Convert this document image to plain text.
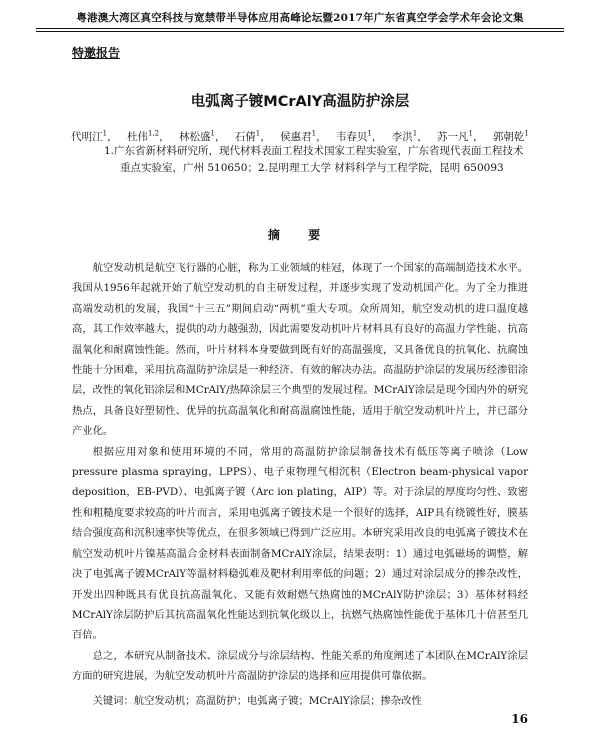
粤港澳大湾区真空科技与宽禁带半导体应用高峰论坛暨2017年广东省真空学会学术年会论文集
特邀报告
电弧离子镀MCrAlY高温防护涂层
代明江$^1$， 杜伟$^{1,2}$， 林松盛$^1$， 石倩$^1$， 侯惠君$^1$， 韦春贝$^1$， 李洪$^1$， 苏一凡$^1$， 郭朝乾$^1$
1.广东省新材料研究所，现代材料表面工程技术国家工程实验室，广东省现代表面工程技术
重点实验室，广州 510650；2.昆明理工大学 材料科学与工程学院，昆明 650093
摘 要

航空发动机是航空飞行器的心脏，称为工业领域的桂冠，体现了一个国家的高端制造技术水平。我国从1956年起就开始了航空发动机的自主研发过程，并逐步实现了发动机国产化。为了全力推进高端发动机的发展，我国“十三五”期间启动“两机”重大专项。众所周知，航空发动机的进口温度越高，其工作效率越大，提供的动力越强劲，因此需要发动机叶片材料具有良好的高温力学性能、抗高温氧化和耐腐蚀性能。然而，叶片材料本身要做到既有好的高温强度，又具备优良的抗氧化、抗腐蚀性能十分困难，采用抗高温防护涂层是一种经济、有效的解决办法。高温防护涂层的发展历经渗铝涂层，改性的氧化铝涂层和MCrAlY/热障涂层三个典型的发展过程。MCrAlY涂层是现今国内外的研究热点，具备良好塑韧性、优异的抗高温氧化和耐高温腐蚀性能，适用于航空发动机叶片上，并已部分产业化。

根据应用对象和使用环境的不同，常用的高温防护涂层制备技术有低压等离子喷涂（Low pressure plasma spraying，LPPS）、电子束物理气相沉积（Electron beam-physical vapor deposition，EB-PVD）、电弧离子镀（Arc ion plating，AIP）等。对于涂层的厚度均匀性、致密性和粗糙度要求较高的叶片而言，采用电弧离子镀技术是一个很好的选择，AIP具有绕镀性好，膜基结合强度高和沉积速率快等优点，在很多领域已得到广泛应用。本研究采用改良的电弧离子镀技术在航空发动机叶片镍基高温合金材料表面制备MCrAlY涂层，结果表明：1）通过电弧磁场的调整，解决了电弧离子镀MCrAlY等温材料稳弧难及靶材利用率低的问题；2）通过对涂层成分的掺杂改性，开发出四种既具有优良抗高温氧化、又能有效耐燃气热腐蚀的MCrAlY防护涂层；3）基体材料经MCrAlY涂层防护后其抗高温氧化性能达到抗氧化级以上，抗燃气热腐蚀性能优于基体几十倍甚至几百倍。

总之，本研究从制备技术、涂层成分与涂层结构、性能关系的角度阐述了本团队在MCrAlY涂层方面的研究进展，为航空发动机叶片高温防护涂层的选择和应用提供可靠依据。

关键词：航空发动机；高温防护；电弧离子镀；MCrAlY涂层；掺杂改性

16
